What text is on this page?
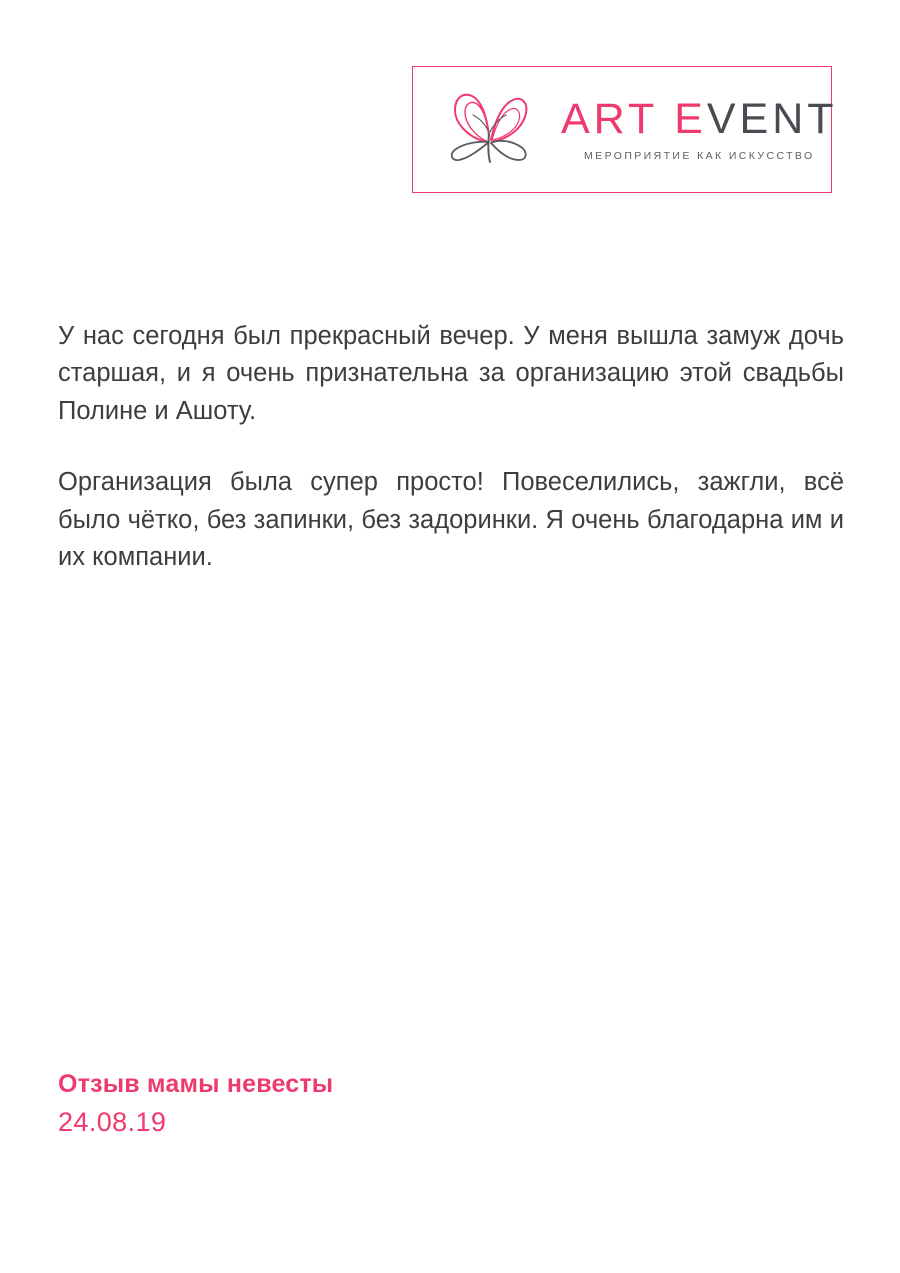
ART EVENT
МЕРОПРИЯТИЕ КАК ИСКУССТВО

У нас сегодня был прекрасный вечер. У меня вышла замуж дочь старшая, и я очень признательна за организацию этой свадьбы Полине и Ашоту.

Организация была супер просто! Повеселились, зажгли, всё было чётко, без запинки, без задоринки. Я очень благодарна им и их компании.

Отзыв мамы невесты
24.08.19
